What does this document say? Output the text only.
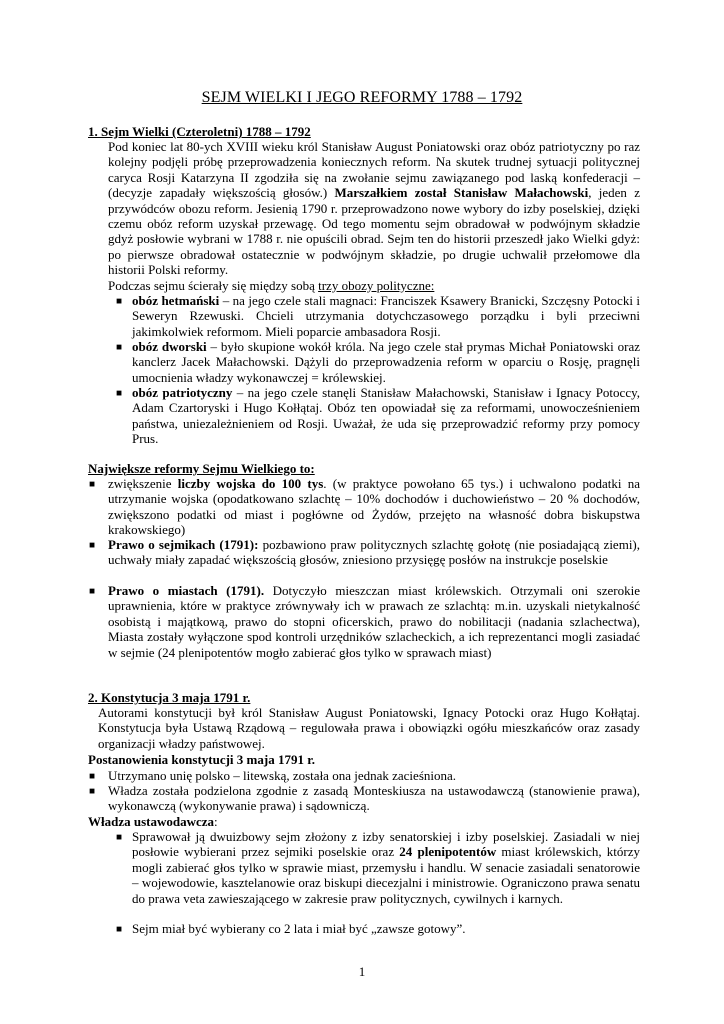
SEJM WIELKI I JEGO REFORMY 1788 – 1792
1. Sejm Wielki (Czteroletni) 1788 – 1792

Pod koniec lat 80-ych XVIII wieku król Stanisław August Poniatowski oraz obóz patriotyczny po raz kolejny podjęli próbę przeprowadzenia koniecznych reform. Na skutek trudnej sytuacji politycznej caryca Rosji Katarzyna II zgodziła się na zwołanie sejmu zawiązanego pod laską konfederacji – (decyzje zapadały większością głosów.) Marszałkiem został Stanisław Małachowski, jeden z przywódców obozu reform. Jesienią 1790 r. przeprowadzono nowe wybory do izby poselskiej, dzięki czemu obóz reform uzyskał przewagę. Od tego momentu sejm obradował w podwójnym składzie gdyż posłowie wybrani w 1788 r. nie opuścili obrad. Sejm ten do historii przeszedł jako Wielki gdyż: po pierwsze obradował ostatecznie w podwójnym składzie, po drugie uchwalił przełomowe dla historii Polski reformy.

Podczas sejmu ścierały się między sobą trzy obozy polityczne:

■ obóz hetmański – na jego czele stali magnaci: Franciszek Ksawery Branicki, Szczęsny Potocki i Seweryn Rzewuski. Chcieli utrzymania dotychczasowego porządku i byli przeciwni jakimkolwiek reformom. Mieli poparcie ambasadora Rosji.
■ obóz dworski – było skupione wokół króla. Na jego czele stał prymas Michał Poniatowski oraz kanclerz Jacek Małachowski. Dążyli do przeprowadzenia reform w oparciu o Rosję, pragnęli umocnienia władzy wykonawczej = królewskiej.
■ obóz patriotyczny – na jego czele stanęli Stanisław Małachowski, Stanisław i Ignacy Potoccy, Adam Czartoryski i Hugo Kołłątaj. Obóz ten opowiadał się za reformami, unowocześnieniem państwa, uniezależnieniem od Rosji. Uważał, że uda się przeprowadzić reformy przy pomocy Prus.
Największe reformy Sejmu Wielkiego to:
■ zwiększenie liczby wojska do 100 tys. (w praktyce powołano 65 tys.) i uchwalono podatki na utrzymanie wojska (opodatkowano szlachtę – 10% dochodów i duchowieństwo – 20 % dochodów, zwiększono podatki od miast i pogłówne od Żydów, przejęto na własność dobra biskupstwa krakowskiego)
■ Prawo o sejmikach (1791): pozbawiono praw politycznych szlachtę gołotę (nie posiadającą ziemi), uchwały miały zapadać większością głosów, zniesiono przysięgę posłów na instrukcje poselskie
■ Prawo o miastach (1791). Dotyczyło mieszczan miast królewskich. Otrzymali oni szerokie uprawnienia, które w praktyce zrównywały ich w prawach ze szlachtą: m.in. uzyskali nietykalność osobistą i majątkową, prawo do stopni oficerskich, prawo do nobilitacji (nadania szlachectwa), Miasta zostały wyłączone spod kontroli urzędników szlacheckich, a ich reprezentanci mogli zasiadać w sejmie (24 plenipotentów mogło zabierać głos tylko w sprawach miast)
2. Konstytucja 3 maja 1791 r.

Autorami konstytucji był król Stanisław August Poniatowski, Ignacy Potocki oraz Hugo Kołłątaj. Konstytucja była Ustawą Rządową – regulowała prawa i obowiązki ogółu mieszkańców oraz zasady organizacji władzy państwowej.

Postanowienia konstytucji 3 maja 1791 r.
■ Utrzymano unię polsko – litewską, została ona jednak zacieśniona.
■ Władza została podzielona zgodnie z zasadą Monteskiusza na ustawodawczą (stanowienie prawa), wykonawczą (wykonywanie prawa) i sądowniczą.
Władza ustawodawcza:
■ Sprawował ją dwuizbowy sejm złożony z izby senatorskiej i izby poselskiej. Zasiadali w niej posłowie wybierani przez sejmiki poselskie oraz 24 plenipotentów miast królewskich, którzy mogli zabierać głos tylko w sprawie miast, przemysłu i handlu. W senacie zasiadali senatorowie – wojewodowie, kasztelanowie oraz biskupi diecezjalni i ministrowie. Ograniczono prawa senatu do prawa veta zawieszającego w zakresie praw politycznych, cywilnych i karnych.
■ Sejm miał być wybierany co 2 lata i miał być „zawsze gotowy”.
1
